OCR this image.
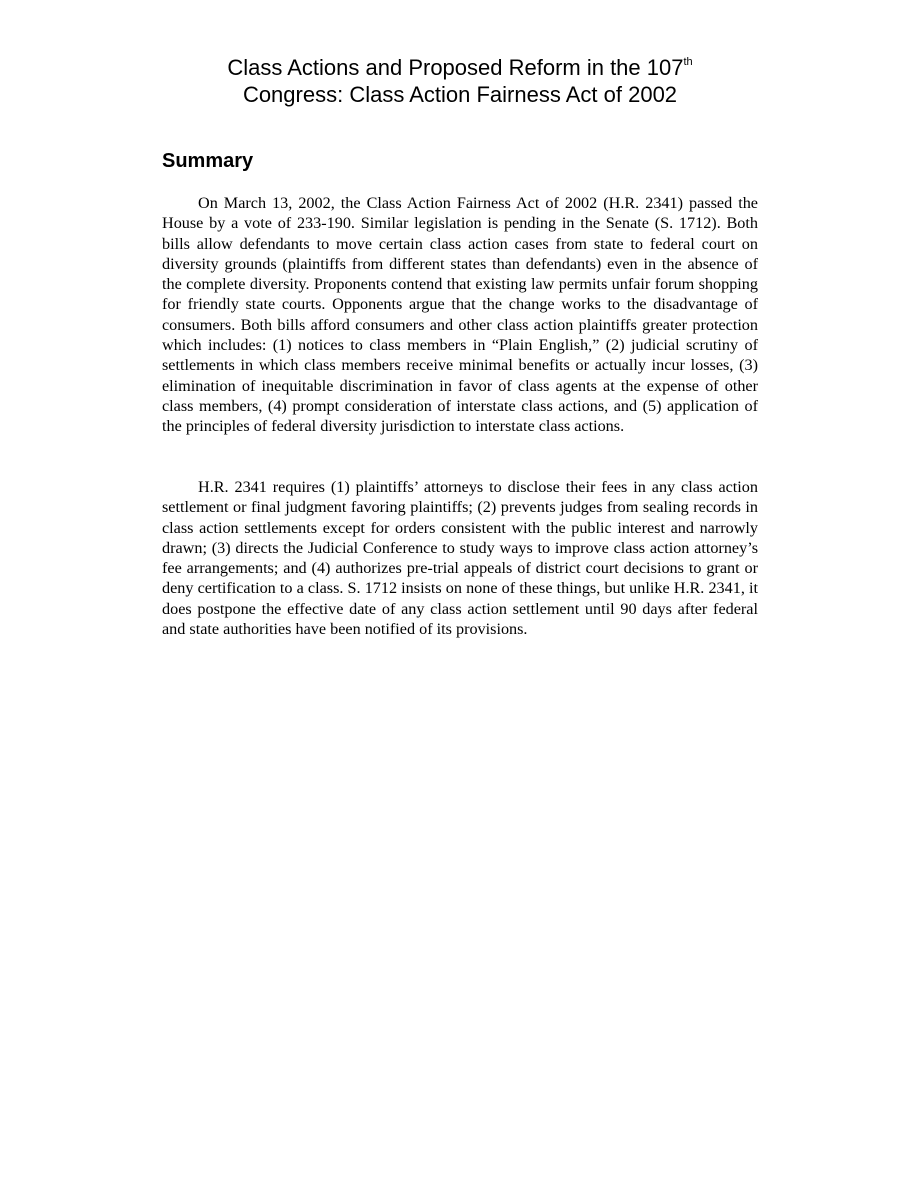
Class Actions and Proposed Reform in the 107th
Congress: Class Action Fairness Act of 2002
Summary

On March 13, 2002, the Class Action Fairness Act of 2002 (H.R. 2341) passed the House by a vote of 233-190. Similar legislation is pending in the Senate (S. 1712). Both bills allow defendants to move certain class action cases from state to federal court on diversity grounds (plaintiffs from different states than defendants) even in the absence of the complete diversity. Proponents contend that existing law permits unfair forum shopping for friendly state courts. Opponents argue that the change works to the disadvantage of consumers. Both bills afford consumers and other class action plaintiffs greater protection which includes: (1) notices to class members in “Plain English,” (2) judicial scrutiny of settlements in which class members receive minimal benefits or actually incur losses, (3) elimination of inequitable discrimination in favor of class agents at the expense of other class members, (4) prompt consideration of interstate class actions, and (5) application of the principles of federal diversity jurisdiction to interstate class actions.

H.R. 2341 requires (1) plaintiffs’ attorneys to disclose their fees in any class action settlement or final judgment favoring plaintiffs; (2) prevents judges from sealing records in class action settlements except for orders consistent with the public interest and narrowly drawn; (3) directs the Judicial Conference to study ways to improve class action attorney’s fee arrangements; and (4) authorizes pre-trial appeals of district court decisions to grant or deny certification to a class. S. 1712 insists on none of these things, but unlike H.R. 2341, it does postpone the effective date of any class action settlement until 90 days after federal and state authorities have been notified of its provisions.
